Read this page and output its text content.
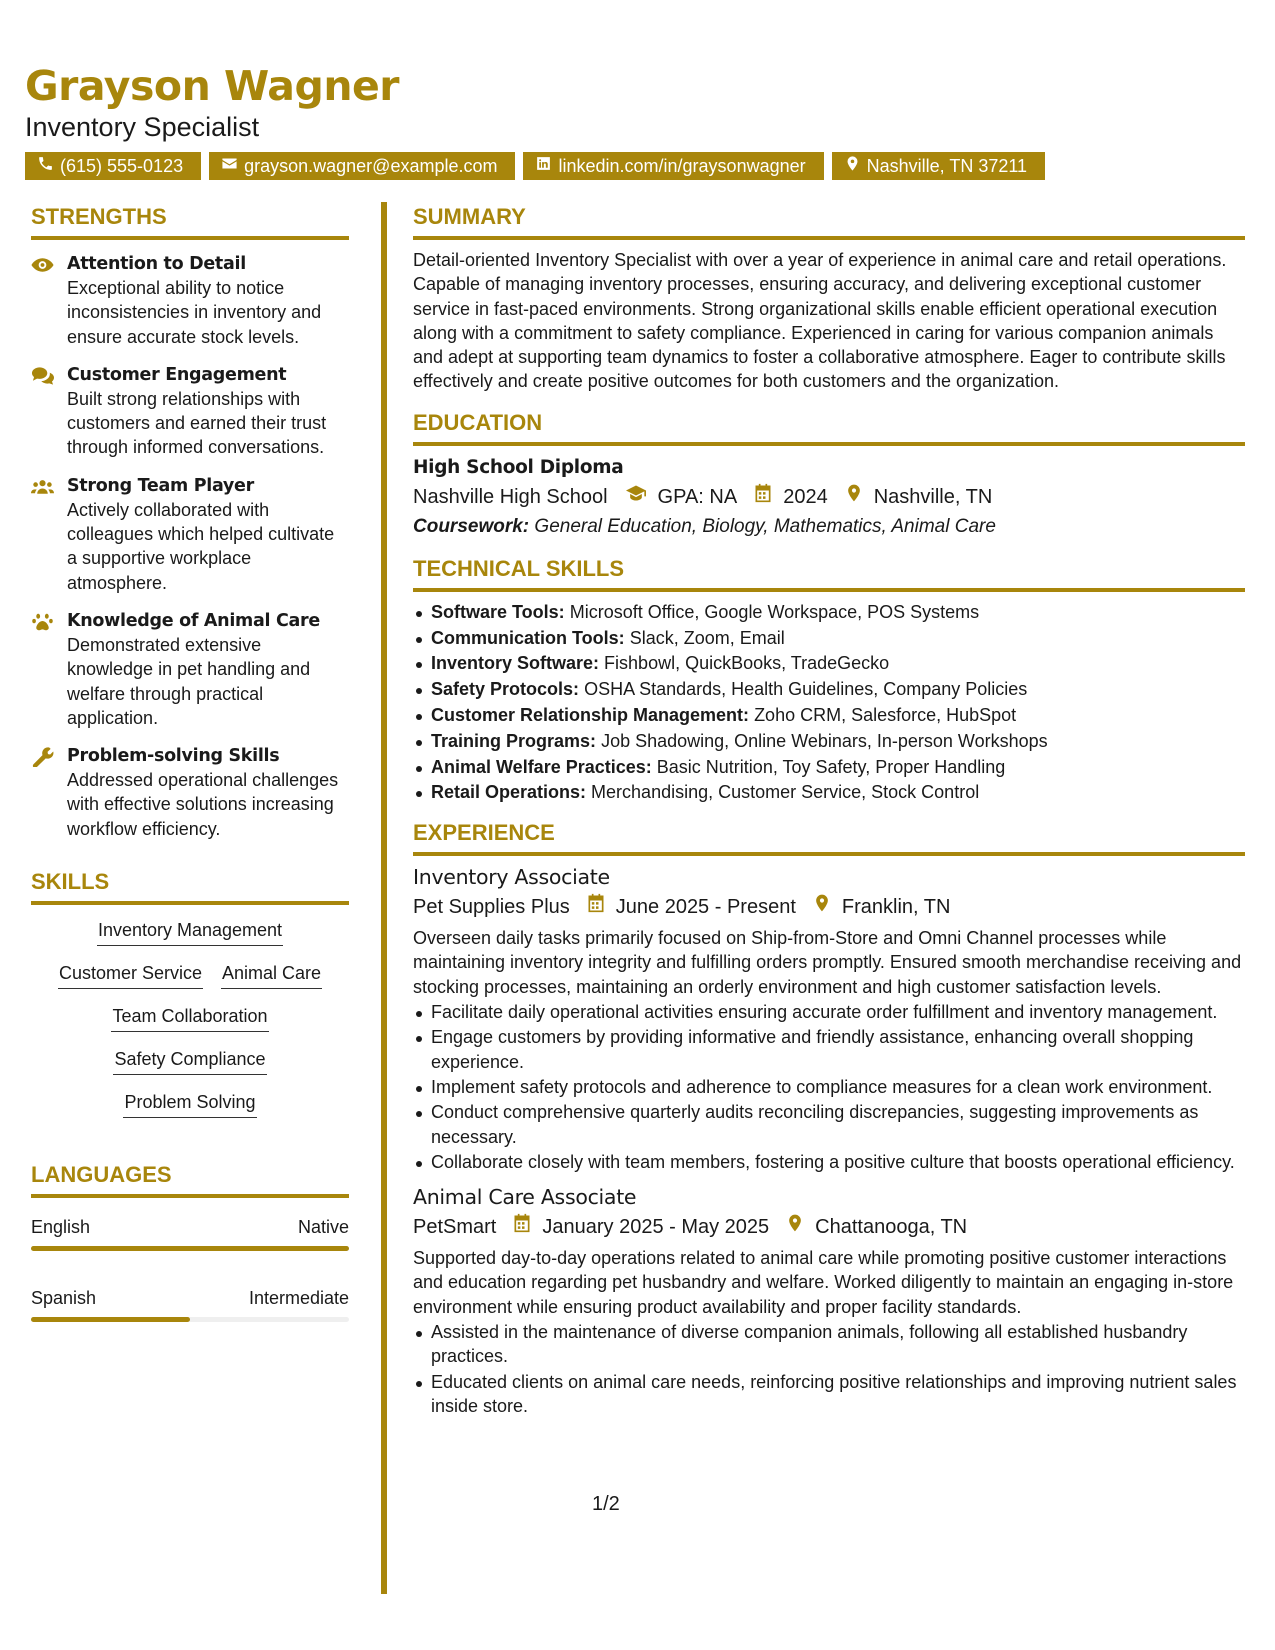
Grayson Wagner
Inventory Specialist
(615) 555-0123	grayson.wagner@example.com	linkedin.com/in/graysonwagner	Nashville, TN 37211
STRENGTHS
Attention to Detail
Exceptional ability to notice inconsistencies in inventory and ensure accurate stock levels.
Customer Engagement
Built strong relationships with customers and earned their trust through informed conversations.
Strong Team Player
Actively collaborated with colleagues which helped cultivate a supportive workplace atmosphere.
Knowledge of Animal Care
Demonstrated extensive knowledge in pet handling and welfare through practical application.
Problem-solving Skills
Addressed operational challenges with effective solutions increasing workflow efficiency.
SKILLS
Inventory Management
Customer Service Animal Care
Team Collaboration
Safety Compliance
Problem Solving
LANGUAGES
English	Native
Spanish	Intermediate
SUMMARY
Detail-oriented Inventory Specialist with over a year of experience in animal care and retail operations. Capable of managing inventory processes, ensuring accuracy, and delivering exceptional customer service in fast-paced environments. Strong organizational skills enable efficient operational execution along with a commitment to safety compliance. Experienced in caring for various companion animals and adept at supporting team dynamics to foster a collaborative atmosphere. Eager to contribute skills effectively and create positive outcomes for both customers and the organization.
EDUCATION
High School Diploma
Nashville High School	GPA: NA 2024 Nashville, TN
Coursework: General Education, Biology, Mathematics, Animal Care
TECHNICAL SKILLS
Software Tools: Microsoft Office, Google Workspace, POS Systems
Communication Tools: Slack, Zoom, Email
Inventory Software: Fishbowl, QuickBooks, TradeGecko
Safety Protocols: OSHA Standards, Health Guidelines, Company Policies
Customer Relationship Management: Zoho CRM, Salesforce, HubSpot
Training Programs: Job Shadowing, Online Webinars, In-person Workshops
Animal Welfare Practices: Basic Nutrition, Toy Safety, Proper Handling
Retail Operations: Merchandising, Customer Service, Stock Control
EXPERIENCE
Inventory Associate
Pet Supplies Plus June 2025 - Present Franklin, TN
Overseen daily tasks primarily focused on Ship-from-Store and Omni Channel processes while maintaining inventory integrity and fulfilling orders promptly. Ensured smooth merchandise receiving and stocking processes, maintaining an orderly environment and high customer satisfaction levels.
Facilitate daily operational activities ensuring accurate order fulfillment and inventory management.
Engage customers by providing informative and friendly assistance, enhancing overall shopping experience.
Implement safety protocols and adherence to compliance measures for a clean work environment.
Conduct comprehensive quarterly audits reconciling discrepancies, suggesting improvements as necessary.
Collaborate closely with team members, fostering a positive culture that boosts operational efficiency.
Animal Care Associate
PetSmart January 2025 - May 2025 Chattanooga, TN
Supported day-to-day operations related to animal care while promoting positive customer interactions and education regarding pet husbandry and welfare. Worked diligently to maintain an engaging in-store environment while ensuring product availability and proper facility standards.
Assisted in the maintenance of diverse companion animals, following all established husbandry practices.
Educated clients on animal care needs, reinforcing positive relationships and improving nutrient sales inside store.
1/2
